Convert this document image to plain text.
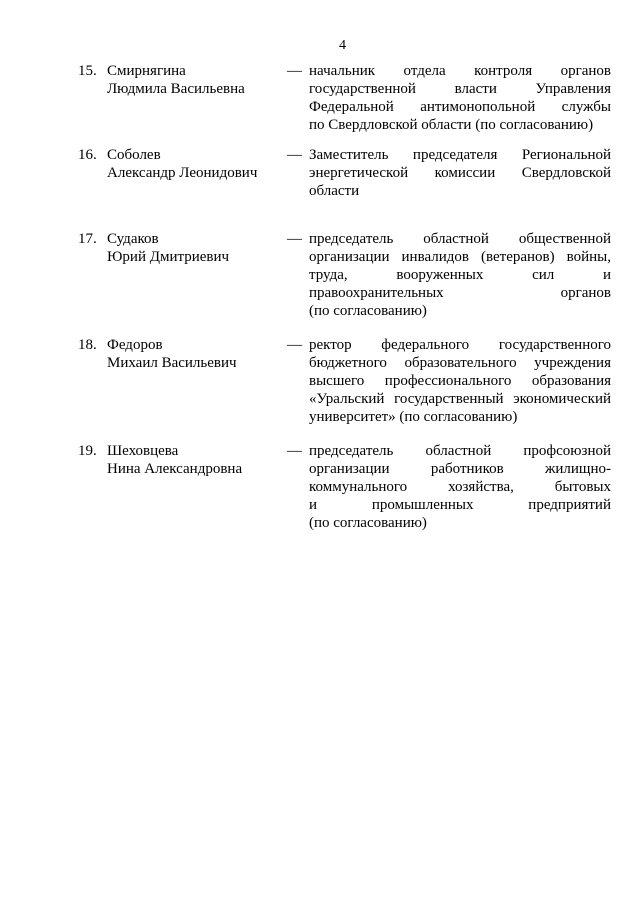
4
15. Смирнягина
Людмила Васильевна
— начальник отдела контроля органов
государственной власти Управления
Федеральной антимонопольной службы
по Свердловской области (по согласованию)
16. Соболев
Александр Леонидович
— Заместитель председателя Региональной
энергетической комиссии Свердловской
области
17. Судаков
Юрий Дмитриевич
— председатель областной общественной
организации инвалидов (ветеранов) войны,
труда, вооруженных сил и
правоохранительных органов
(по согласованию)
18. Федоров
Михаил Васильевич
— ректор федерального государственного
бюджетного образовательного учреждения
высшего профессионального образования
«Уральский государственный экономический
университет» (по согласованию)
19. Шеховцева
Нина Александровна
— председатель областной профсоюзной
организации работников жилищно-
коммунального хозяйства, бытовых
и промышленных предприятий
(по согласованию)
